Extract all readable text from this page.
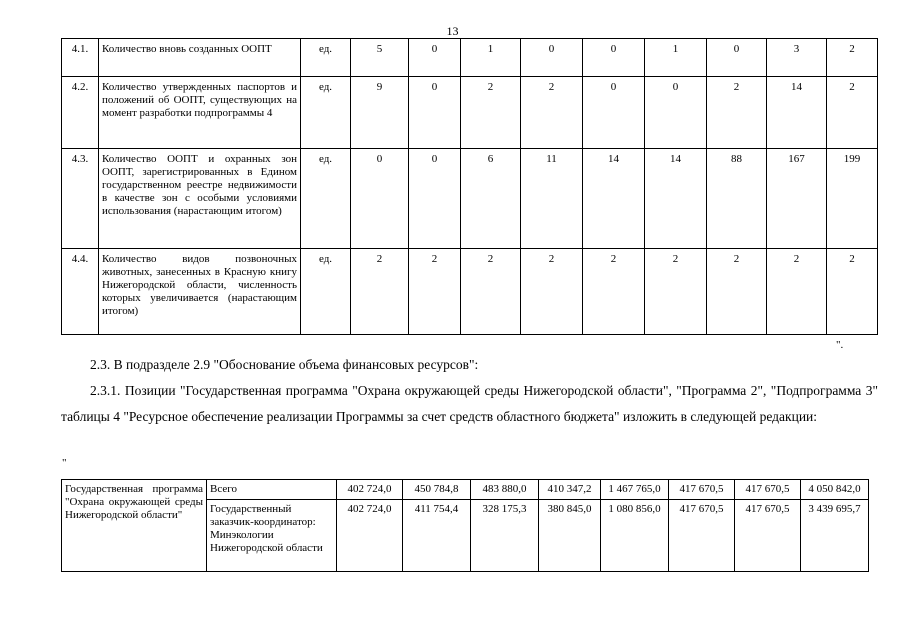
13
4.1.	Количество вновь созданных ООПТ	ед.	5	0	1	0	0	1	0	3	2
4.2.	Количество утвержденных паспортов и положений об ООПТ, существующих на момент разработки подпрограммы 4	ед.	9	0	2	2	0	0	2	14	2
4.3.	Количество ООПТ и охранных зон ООПТ, зарегистрированных в Едином государственном реестре недвижимости в качестве зон с особыми условиями использования (нарастающим итогом)	ед.	0	0	6	11	14	14	88	167	199
4.4.	Количество видов позвоночных животных, занесенных в Красную книгу Нижегородской области, численность которых увеличивается (нарастающим итогом)	ед.	2	2	2	2	2	2	2	2	2
".
2.3. В подразделе 2.9 "Обоснование объема финансовых ресурсов":
2.3.1. Позиции "Государственная программа "Охрана окружающей среды Нижегородской области", "Программа 2", "Подпрограмма 3" таблицы 4 "Ресурсное обеспечение реализации Программы за счет средств областного бюджета" изложить в следующей редакции:
"
Государственная программа "Охрана окружающей среды Нижегородской области"	Всего	402 724,0	450 784,8	483 880,0	410 347,2	1 467 765,0	417 670,5	417 670,5	4 050 842,0
	Государственный заказчик-координатор: Минэкологии Нижегородской области	402 724,0	411 754,4	328 175,3	380 845,0	1 080 856,0	417 670,5	417 670,5	3 439 695,7
